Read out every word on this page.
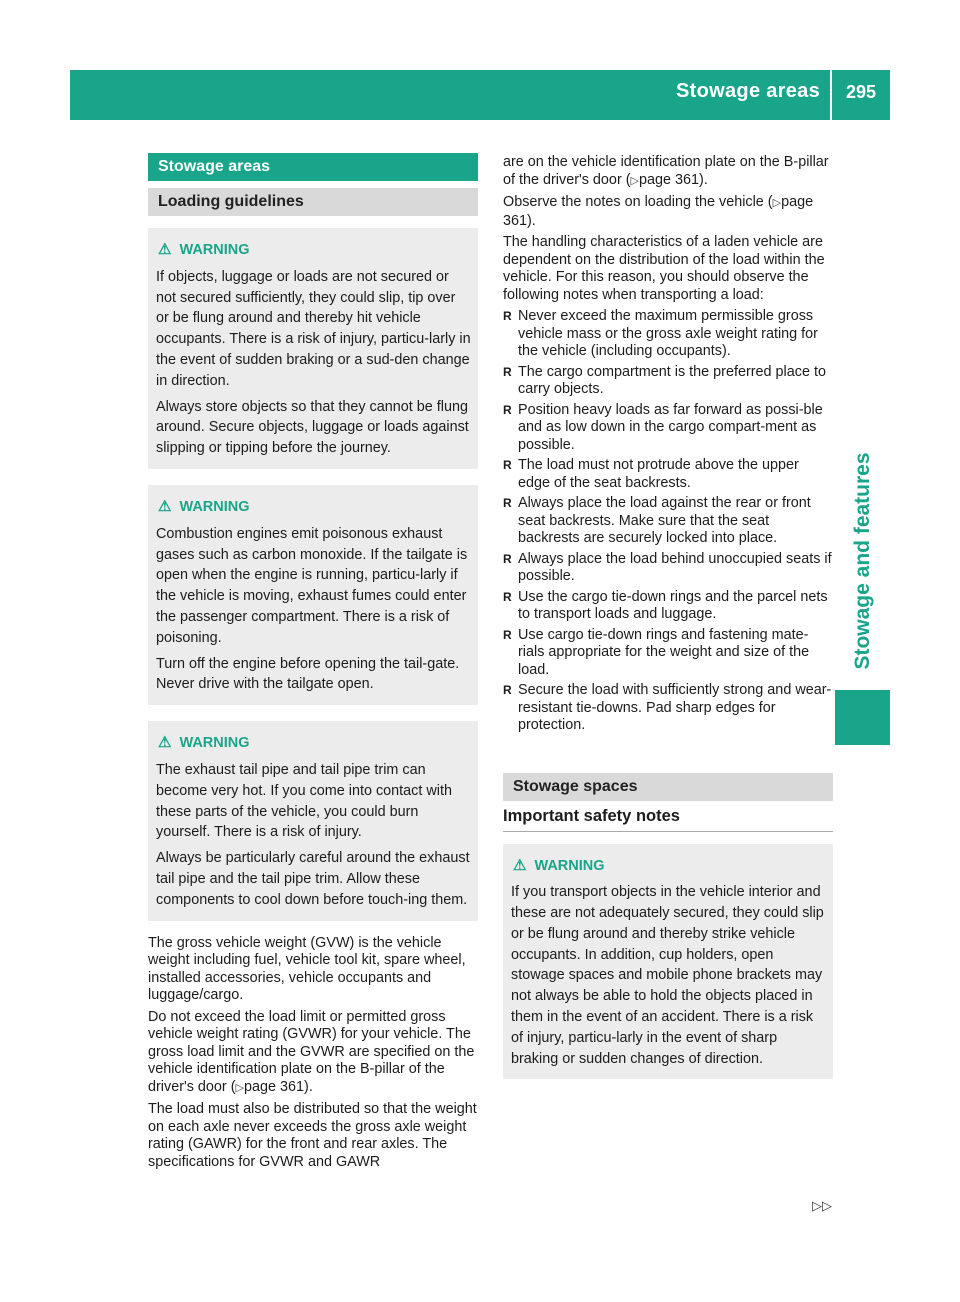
Stowage areas 295
Stowage and features
Stowage areas
Loading guidelines
⚠ WARNING

If objects, luggage or loads are not secured or not secured sufficiently, they could slip, tip over or be flung around and thereby hit vehicle occupants. There is a risk of injury, particu-larly in the event of sudden braking or a sud-den change in direction.

Always store objects so that they cannot be flung around. Secure objects, luggage or loads against slipping or tipping before the journey.

⚠ WARNING

Combustion engines emit poisonous exhaust gases such as carbon monoxide. If the tailgate is open when the engine is running, particu-larly if the vehicle is moving, exhaust fumes could enter the passenger compartment. There is a risk of poisoning.

Turn off the engine before opening the tail-gate. Never drive with the tailgate open.

⚠ WARNING

The exhaust tail pipe and tail pipe trim can become very hot. If you come into contact with these parts of the vehicle, you could burn yourself. There is a risk of injury.

Always be particularly careful around the exhaust tail pipe and the tail pipe trim. Allow these components to cool down before touch-ing them.

The gross vehicle weight (GVW) is the vehicle weight including fuel, vehicle tool kit, spare wheel, installed accessories, vehicle occupants and luggage/cargo.

Do not exceed the load limit or permitted gross vehicle weight rating (GVWR) for your vehicle. The gross load limit and the GVWR are specified on the vehicle identification plate on the B-pillar of the driver's door (▷page 361).

The load must also be distributed so that the weight on each axle never exceeds the gross axle weight rating (GAWR) for the front and rear axles. The specifications for GVWR and GAWR

are on the vehicle identification plate on the B-pillar of the driver's door (▷page 361).

Observe the notes on loading the vehicle (▷page 361).

The handling characteristics of a laden vehicle are dependent on the distribution of the load within the vehicle. For this reason, you should observe the following notes when transporting a load:

R Never exceed the maximum permissible gross vehicle mass or the gross axle weight rating for the vehicle (including occupants).
R The cargo compartment is the preferred place to carry objects.
R Position heavy loads as far forward as possi-ble and as low down in the cargo compart-ment as possible.
R The load must not protrude above the upper edge of the seat backrests.
R Always place the load against the rear or front seat backrests. Make sure that the seat backrests are securely locked into place.
R Always place the load behind unoccupied seats if possible.
R Use the cargo tie-down rings and the parcel nets to transport loads and luggage.
R Use cargo tie-down rings and fastening mate-rials appropriate for the weight and size of the load.
R Secure the load with sufficiently strong and wear-resistant tie-downs. Pad sharp edges for protection.
Stowage spaces
Important safety notes
⚠ WARNING

If you transport objects in the vehicle interior and these are not adequately secured, they could slip or be flung around and thereby strike vehicle occupants. In addition, cup holders, open stowage spaces and mobile phone brackets may not always be able to hold the objects placed in them in the event of an accident. There is a risk of injury, particu-larly in the event of sharp braking or sudden changes of direction.

▷▷
